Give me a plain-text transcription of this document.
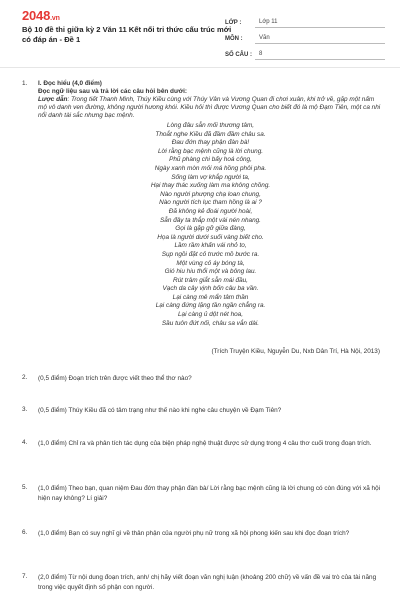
2048.vn
Bộ 10 đề thi giữa kỳ 2 Văn 11 Kết nối tri thức cấu trúc mới có đáp án - Đề 1
LỚP :	Lớp 11
MÔN :	Văn
SỐ CÂU :	8
1.	I. Đọc hiểu (4,0 điểm)
Đọc ngữ liệu sau và trả lời các câu hỏi bên dưới:
Lược dẫn: Trong tiết Thanh Minh, Thúy Kiều cùng với Thúy Vân và Vương Quan đi chơi xuân, khi trở về, gặp một nấm mộ vô danh ven đường, không người hương khói. Kiều hỏi thì được Vương Quan cho biết đó là mộ Đạm Tiên, một ca nhi nổi danh tài sắc nhưng bạc mệnh.
Lòng đâu sẵn mối thương tâm,
Thoắt nghe Kiều đã đầm đầm châu sa.
Đau đớn thay phận đàn bà!
Lời rằng bạc mệnh cũng là lời chung.
Phũ phàng chi bấy hoá công,
Ngày xanh mòn mỏi má hồng phôi pha.
Sống làm vợ khắp người ta,
Hại thay thác xuống làm ma không chồng.
Nào người phượng chạ loan chung,
Nào người tích lục tham hồng là ai ?
Đã không kẻ đoái người hoài,
Sẵn đây ta thắp một vài nén nhang.
Gọi là gặp gỡ giữa đàng,
Họa là người dưới suối vàng biết cho.
Lầm rầm khấn vái nhỏ to,
Sụp ngồi đặt cỏ trước mồ bước ra.
Một vùng cỏ áy bóng tà,
Gió hiu hiu thổi một và bông lau.
Rút trâm giắt sẵn mái đầu,
Vạch da cây vịnh bốn câu ba vần.
Lại càng mê mẩn tâm thần
Lại càng đứng lặng tần ngần chẳng ra.
Lại càng ủ dột nét hoa,
Sầu tuôn đứt nối, châu sa vắn dài.
(Trích Truyện Kiều, Nguyễn Du, Nxb Dân Trí, Hà Nội, 2013)
2.	(0,5 điểm) Đoạn trích trên được viết theo thể thơ nào?
3.	(0,5 điểm) Thúy Kiều đã có tâm trạng như thế nào khi nghe câu chuyện về Đạm Tiên?
4.	(1,0 điểm) Chỉ ra và phân tích tác dụng của biện pháp nghệ thuật được sử dụng trong 4 câu thơ cuối trong đoạn trích.
5.	(1,0 điểm) Theo bạn, quan niệm Đau đớn thay phận đàn bà/ Lời rằng bạc mệnh cũng là lời chung có còn đúng với xã hội hiện nay không? Lí giải?
6.	(1,0 điểm) Bạn có suy nghĩ gì về thân phận của người phụ nữ trong xã hội phong kiến sau khi đọc đoạn trích?
7.	(2,0 điểm) Từ nội dung đoạn trích, anh/ chị hãy viết đoạn văn nghị luận (khoảng 200 chữ) về vấn đề vai trò của tài năng trong việc quyết định số phận con người.
